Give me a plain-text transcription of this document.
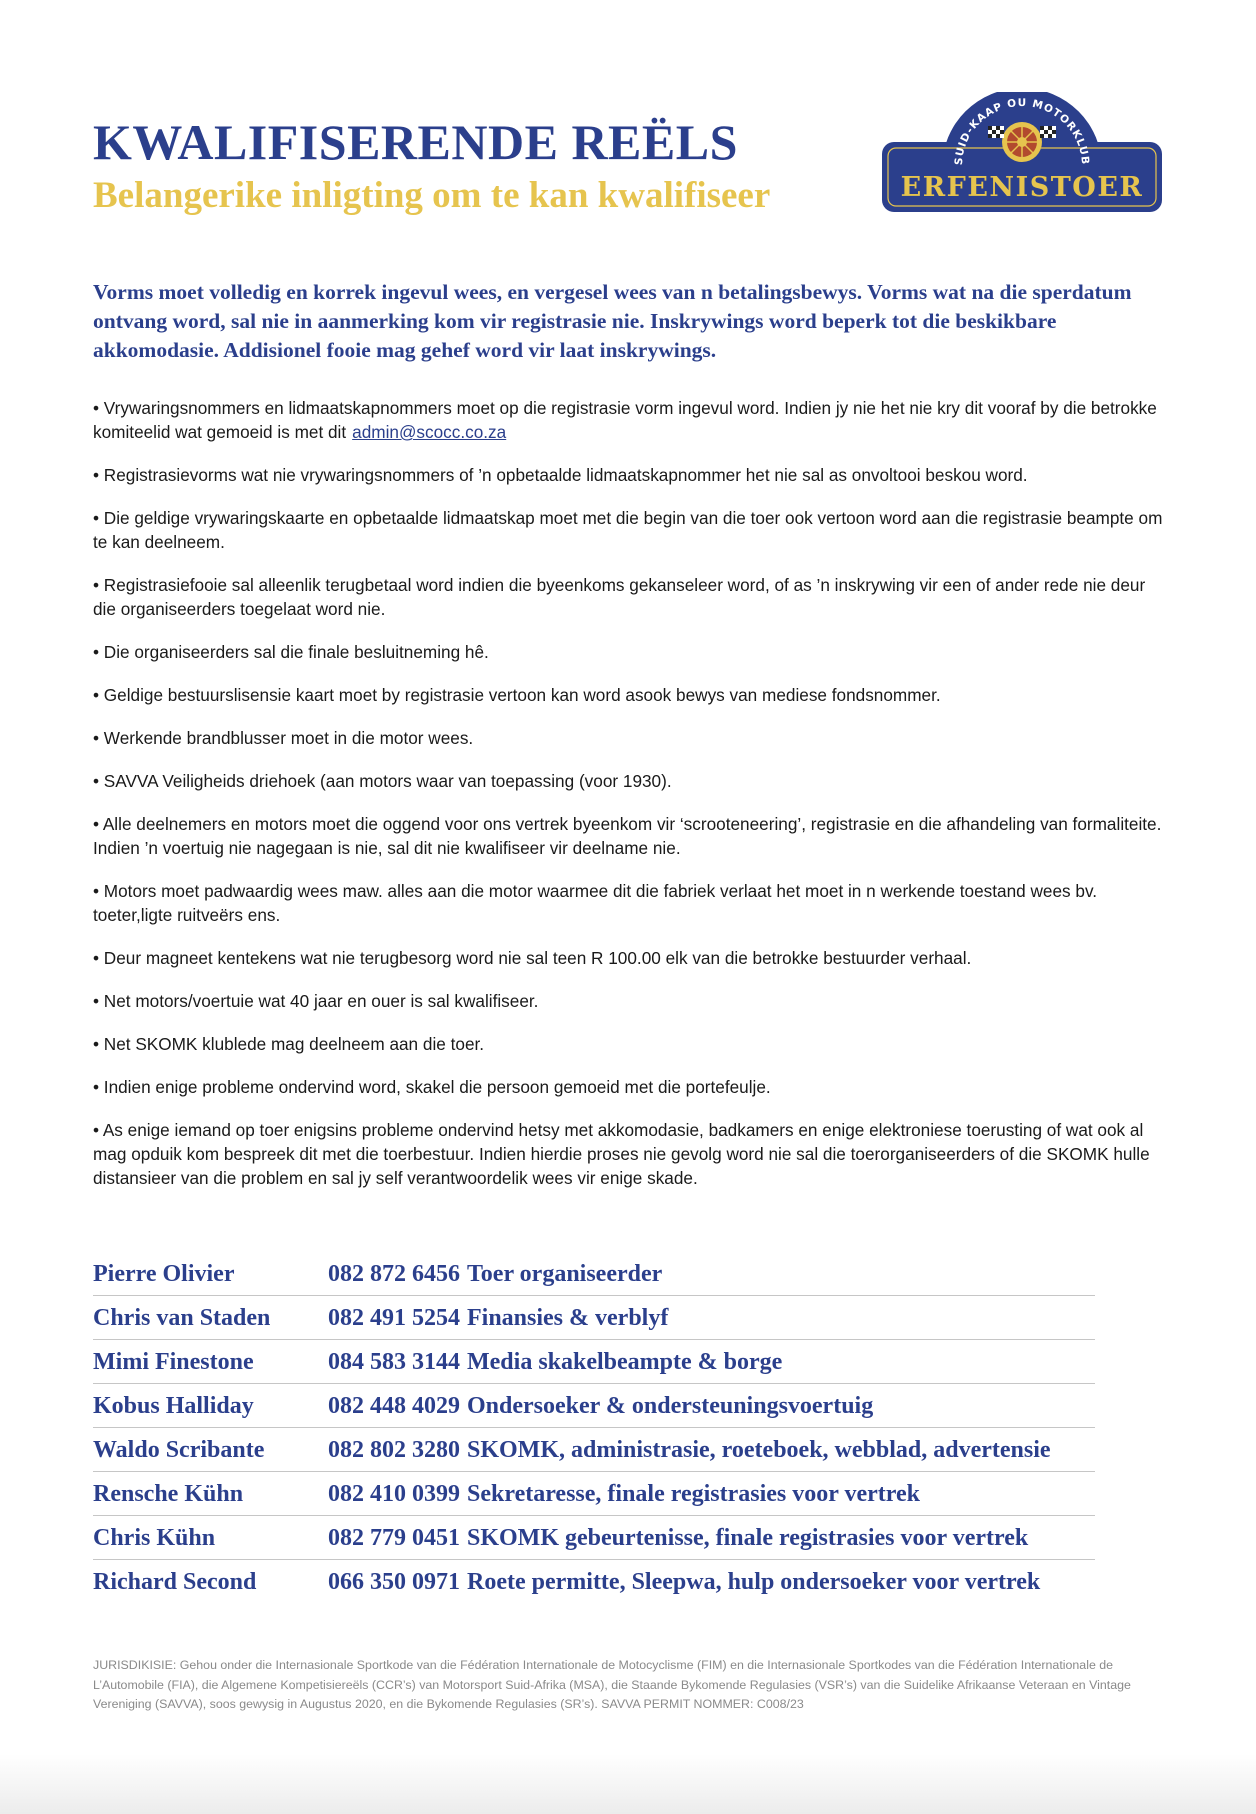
KWALIFISERENDE REËLS
Belangerike inligting om te kan kwalifiseer
SUID-KAAP OU MOTORKLUB
ERFENISTOER

Vorms moet volledig en korrek ingevul wees, en vergesel wees van n betalingsbewys. Vorms wat na die sperdatum ontvang word, sal nie in aanmerking kom vir registrasie nie. Inskrywings word beperk tot die beskikbare akkomodasie. Addisionel fooie mag gehef word vir laat inskrywings.

• Vrywaringsnommers en lidmaatskapnommers moet op die registrasie vorm ingevul word. Indien jy nie het nie kry dit vooraf by die betrokke komiteelid wat gemoeid is met dit admin@scocc.co.za
• Registrasievorms wat nie vrywaringsnommers of ’n opbetaalde lidmaatskapnommer het nie sal as onvoltooi beskou word.
• Die geldige vrywaringskaarte en opbetaalde lidmaatskap moet met die begin van die toer ook vertoon word aan die registrasie beampte om te kan deelneem.
• Registrasiefooie sal alleenlik terugbetaal word indien die byeenkoms gekanseleer word, of as ’n inskrywing vir een of ander rede nie deur die organiseerders toegelaat word nie.
• Die organiseerders sal die finale besluitneming hê.
• Geldige bestuurslisensie kaart moet by registrasie vertoon kan word asook bewys van mediese fondsnommer.
• Werkende brandblusser moet in die motor wees.
• SAVVA Veiligheids driehoek (aan motors waar van toepassing (voor 1930).
• Alle deelnemers en motors moet die oggend voor ons vertrek byeenkom vir ‘scrooteneering’, registrasie en die afhandeling van formaliteite. Indien ’n voertuig nie nagegaan is nie, sal dit nie kwalifiseer vir deelname nie.
• Motors moet padwaardig wees maw. alles aan die motor waarmee dit die fabriek verlaat het moet in n werkende toestand wees bv. toeter,ligte ruitveërs ens.
• Deur magneet kentekens wat nie terugbesorg word nie sal teen R 100.00 elk van die betrokke bestuurder verhaal.
• Net motors/voertuie wat 40 jaar en ouer is sal kwalifiseer.
• Net SKOMK klublede mag deelneem aan die toer.
• Indien enige probleme ondervind word, skakel die persoon gemoeid met die portefeulje.
• As enige iemand op toer enigsins probleme ondervind hetsy met akkomodasie, badkamers en enige elektroniese toerusting of wat ook al mag opduik kom bespreek dit met die toerbestuur. Indien hierdie proses nie gevolg word nie sal die toerorganiseerders of die SKOMK hulle distansieer van die problem en sal jy self verantwoordelik wees vir enige skade.
Pierre Olivier	082 872 6456 Toer organiseerder
Chris van Staden	082 491 5254 Finansies & verblyf
Mimi Finestone	084 583 3144 Media skakelbeampte & borge
Kobus Halliday	082 448 4029 Ondersoeker & ondersteuningsvoertuig
Waldo Scribante	082 802 3280 SKOMK, administrasie, roeteboek, webblad, advertensie
Rensche Kühn	082 410 0399 Sekretaresse, finale registrasies voor vertrek
Chris Kühn	082 779 0451 SKOMK gebeurtenisse, finale registrasies voor vertrek
Richard Second	066 350 0971 Roete permitte, Sleepwa, hulp ondersoeker voor vertrek

JURISDIKISIE: Gehou onder die Internasionale Sportkode van die Fédération Internationale de Motocyclisme (FIM) en die Internasionale Sportkodes van die Fédération Internationale de L’Automobile (FIA), die Algemene Kompetisiereëls (CCR’s) van Motorsport Suid-Afrika (MSA), die Staande Bykomende Regulasies (VSR’s) van die Suidelike Afrikaanse Veteraan en Vintage Vereniging (SAVVA), soos gewysig in Augustus 2020, en die Bykomende Regulasies (SR’s). SAVVA PERMIT NOMMER: C008/23
